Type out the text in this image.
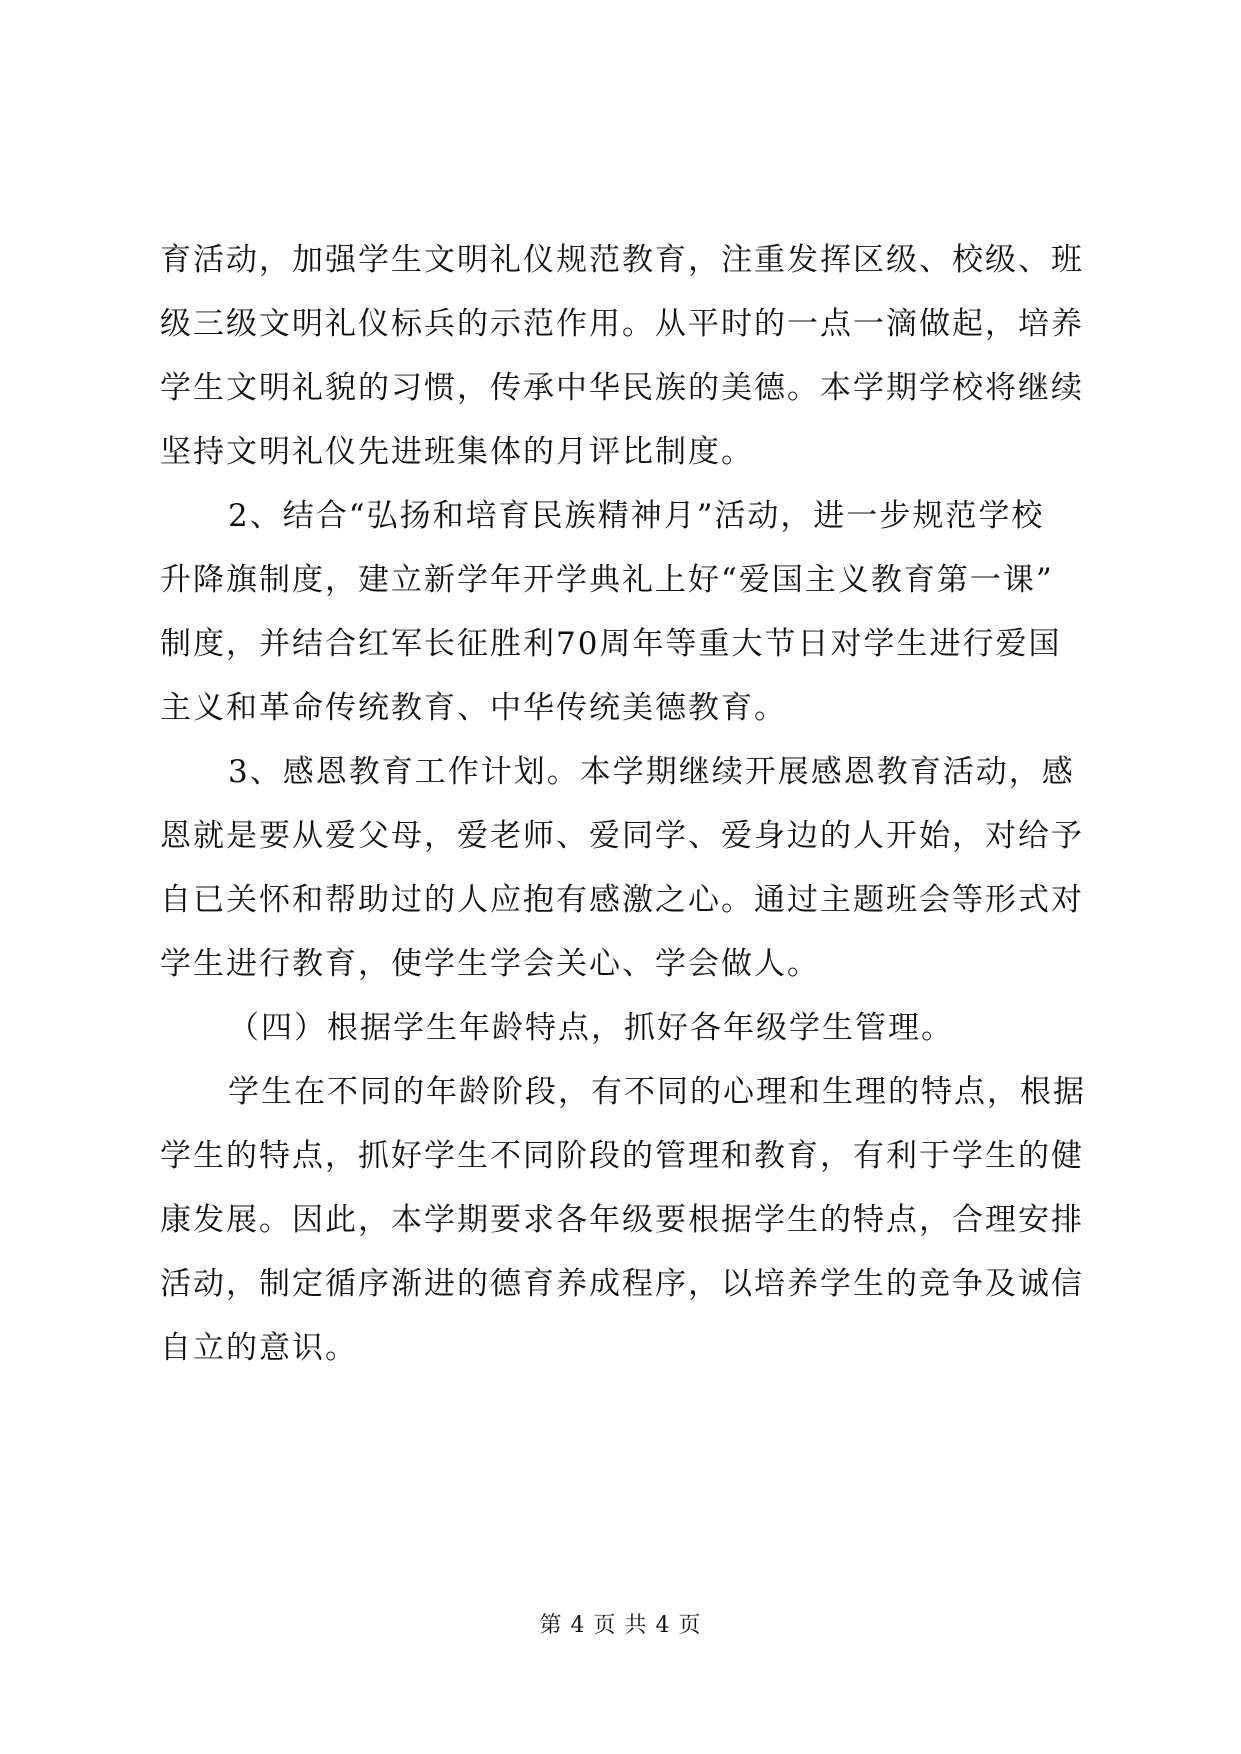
育活动，加强学生文明礼仪规范教育，注重发挥区级、校级、班
级三级文明礼仪标兵的示范作用。从平时的一点一滴做起，培养
学生文明礼貌的习惯，传承中华民族的美德。本学期学校将继续
坚持文明礼仪先进班集体的月评比制度。

2、结合“弘扬和培育民族精神月”活动，进一步规范学校
升降旗制度，建立新学年开学典礼上好“爱国主义教育第一课”
制度，并结合红军长征胜利70周年等重大节日对学生进行爱国
主义和革命传统教育、中华传统美德教育。

3、感恩教育工作计划。本学期继续开展感恩教育活动，感
恩就是要从爱父母，爱老师、爱同学、爱身边的人开始，对给予
自已关怀和帮助过的人应抱有感激之心。通过主题班会等形式对
学生进行教育，使学生学会关心、学会做人。

（四）根据学生年龄特点，抓好各年级学生管理。

学生在不同的年龄阶段，有不同的心理和生理的特点，根据
学生的特点，抓好学生不同阶段的管理和教育，有利于学生的健
康发展。因此，本学期要求各年级要根据学生的特点，合理安排
活动，制定循序渐进的德育养成程序，以培养学生的竞争及诚信
自立的意识。

第 4 页 共 4 页
